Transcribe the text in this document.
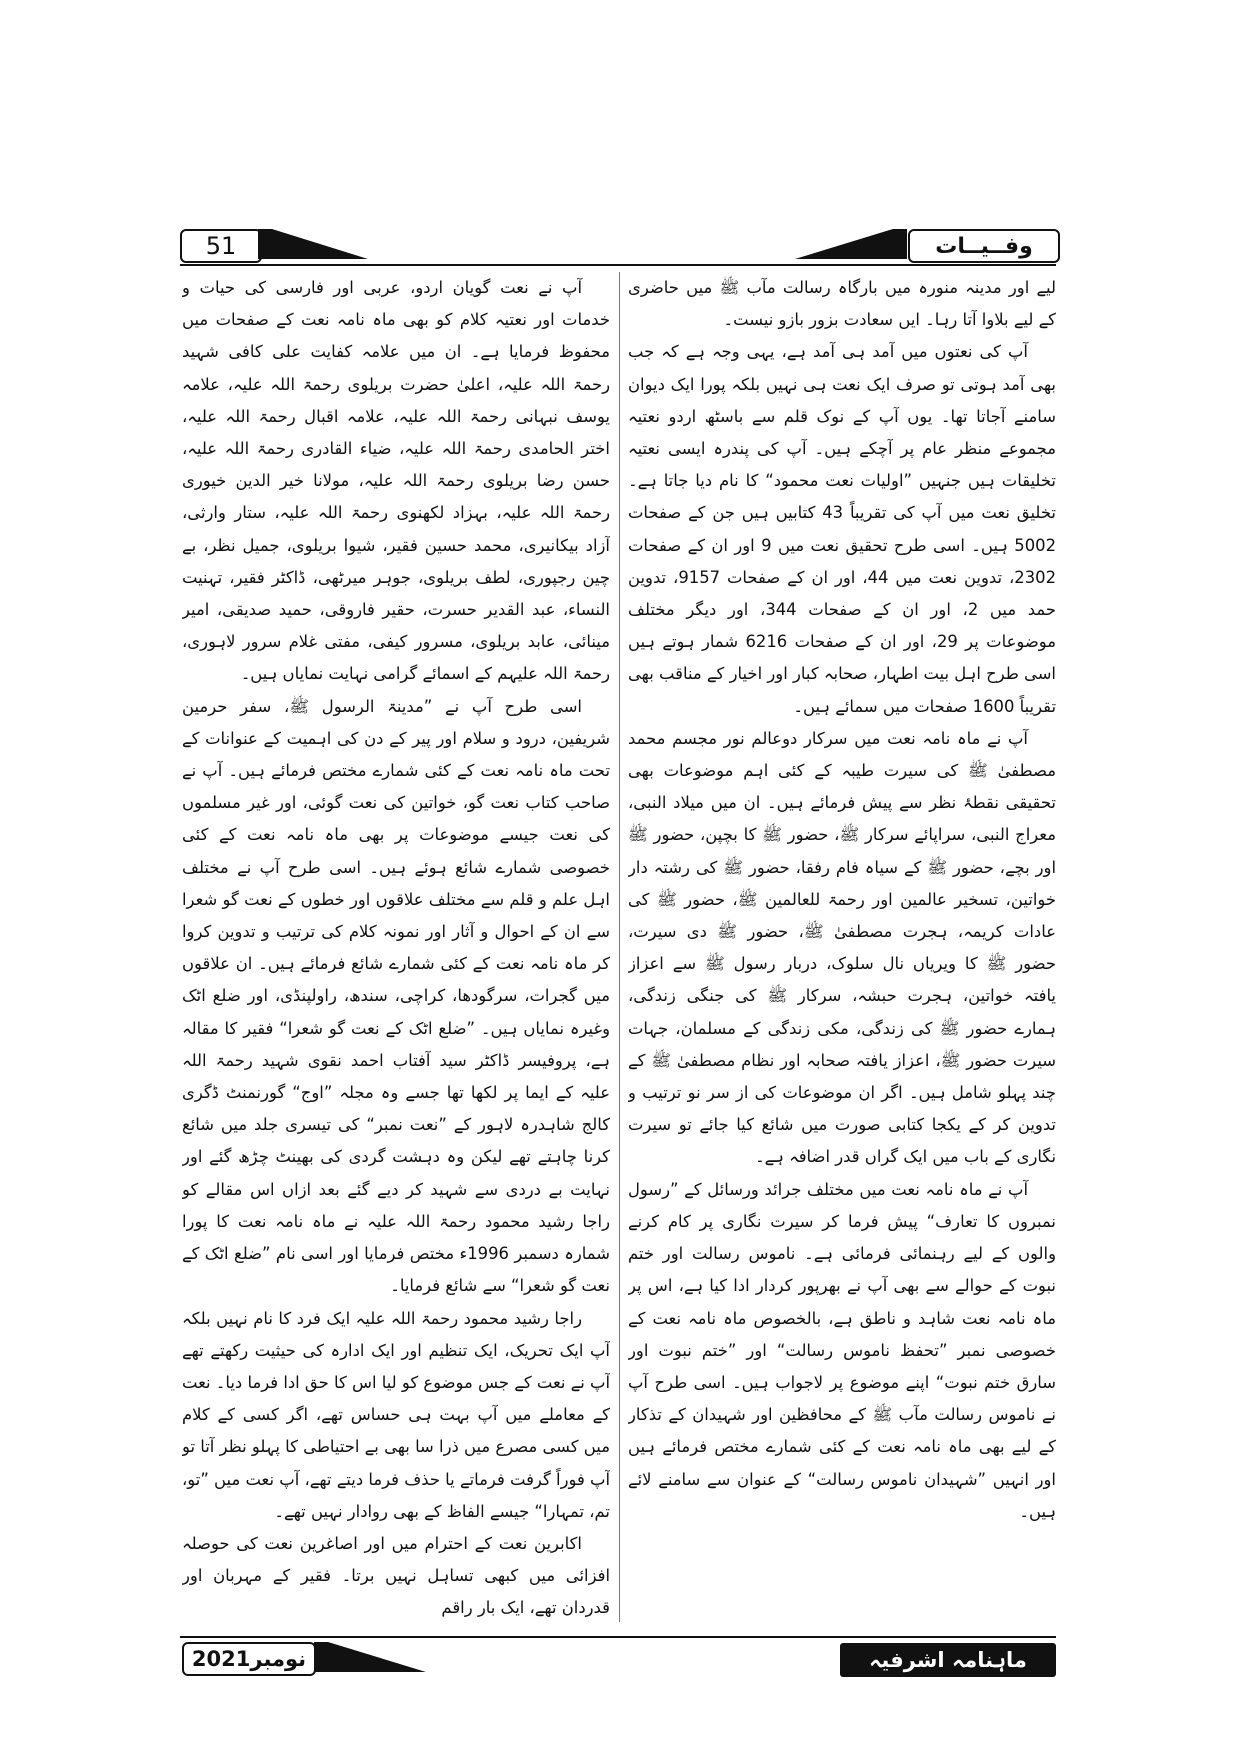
51	وفــیــات

لیے اور مدینہ منورہ میں بارگاہ رسالت مآب ﷺ میں حاضری کے لیے بلاوا آتا رہا۔ ایں سعادت بزور بازو نیست۔

آپ کی نعتوں میں آمد ہی آمد ہے، یہی وجہ ہے کہ جب بھی آمد ہوتی تو صرف ایک نعت ہی نہیں بلکہ پورا ایک دیوان سامنے آجاتا تھا۔ یوں آپ کے نوک قلم سے باسٹھ اردو نعتیہ مجموعے منظر عام پر آچکے ہیں۔ آپ کی پندرہ ایسی نعتیہ تخلیقات ہیں جنہیں ”اولیات نعت محمود“ کا نام دیا جاتا ہے۔ تخلیق نعت میں آپ کی تقریباً 43 کتابیں ہیں جن کے صفحات 5002 ہیں۔ اسی طرح تحقیق نعت میں 9 اور ان کے صفحات 2302، تدوین نعت میں 44، اور ان کے صفحات 9157، تدوین حمد میں 2، اور ان کے صفحات 344، اور دیگر مختلف موضوعات پر 29، اور ان کے صفحات 6216 شمار ہوتے ہیں اسی طرح اہل بیت اطہار، صحابہ کبار اور اخیار کے مناقب بھی تقریباً 1600 صفحات میں سمائے ہیں۔

آپ نے ماہ نامہ نعت میں سرکار دوعالم نور مجسم محمد مصطفیٰ ﷺ کی سیرت طیبہ کے کئی اہم موضوعات بھی تحقیقی نقطۂ نظر سے پیش فرمائے ہیں۔ ان میں میلاد النبی، معراج النبی، سراپائے سرکار ﷺ، حضور ﷺ کا بچپن، حضور ﷺ اور بچے، حضور ﷺ کے سیاہ فام رفقا، حضور ﷺ کی رشتہ دار خواتین، تسخیر عالمین اور رحمۃ للعالمین ﷺ، حضور ﷺ کی عادات کریمہ، ہجرت مصطفیٰ ﷺ، حضور ﷺ دی سیرت، حضور ﷺ کا ویریاں نال سلوک، دربار رسول ﷺ سے اعزاز یافتہ خواتین، ہجرت حبشہ، سرکار ﷺ کی جنگی زندگی، ہمارے حضور ﷺ کی زندگی، مکی زندگی کے مسلمان، جہات سیرت حضور ﷺ، اعزاز یافتہ صحابہ اور نظام مصطفیٰ ﷺ کے چند پہلو شامل ہیں۔ اگر ان موضوعات کی از سر نو ترتیب و تدوین کر کے یکجا کتابی صورت میں شائع کیا جائے تو سیرت نگاری کے باب میں ایک گراں قدر اضافہ ہے۔

آپ نے ماہ نامہ نعت میں مختلف جرائد ورسائل کے ”رسول نمبروں کا تعارف“ پیش فرما کر سیرت نگاری پر کام کرنے والوں کے لیے رہنمائی فرمائی ہے۔ ناموس رسالت اور ختم نبوت کے حوالے سے بھی آپ نے بھرپور کردار ادا کیا ہے، اس پر ماہ نامہ نعت شاہد و ناطق ہے، بالخصوص ماہ نامہ نعت کے خصوصی نمبر ”تحفظ ناموس رسالت“ اور ”ختم نبوت اور سارق ختم نبوت“ اپنے موضوع پر لاجواب ہیں۔ اسی طرح آپ نے ناموس رسالت مآب ﷺ کے محافظین اور شہیدان کے تذکار کے لیے بھی ماہ نامہ نعت کے کئی شمارے مختص فرمائے ہیں اور انہیں ”شہیدان ناموس رسالت“ کے عنوان سے سامنے لائے ہیں۔

آپ نے نعت گویان اردو، عربی اور فارسی کی حیات و خدمات اور نعتیہ کلام کو بھی ماہ نامہ نعت کے صفحات میں محفوظ فرمایا ہے۔ ان میں علامہ کفایت علی کافی شہید رحمۃ اللہ علیہ، اعلیٰ حضرت بریلوی رحمۃ اللہ علیہ، علامہ یوسف نبہانی رحمۃ اللہ علیہ، علامہ اقبال رحمۃ اللہ علیہ، اختر الحامدی رحمۃ اللہ علیہ، ضیاء القادری رحمۃ اللہ علیہ، حسن رضا بریلوی رحمۃ اللہ علیہ، مولانا خیر الدین خیوری رحمۃ اللہ علیہ، بہزاد لکھنوی رحمۃ اللہ علیہ، ستار وارثی، آزاد بیکانیری، محمد حسین فقیر، شیوا بریلوی، جمیل نظر، بے چین رجپوری، لطف بریلوی، جوہر میرٹھی، ڈاکٹر فقیر، تہنیت النساء، عبد القدیر حسرت، حقیر فاروقی، حمید صدیقی، امیر مینائی، عابد بریلوی، مسرور کیفی، مفتی غلام سرور لاہوری، رحمۃ اللہ علیہم کے اسمائے گرامی نہایت نمایاں ہیں۔

اسی طرح آپ نے ”مدینۃ الرسول ﷺ، سفر حرمین شریفین، درود و سلام اور پیر کے دن کی اہمیت کے عنوانات کے تحت ماہ نامہ نعت کے کئی شمارے مختص فرمائے ہیں۔ آپ نے صاحب کتاب نعت گو، خواتین کی نعت گوئی، اور غیر مسلموں کی نعت جیسے موضوعات پر بھی ماہ نامہ نعت کے کئی خصوصی شمارے شائع ہوئے ہیں۔ اسی طرح آپ نے مختلف اہل علم و قلم سے مختلف علاقوں اور خطوں کے نعت گو شعرا سے ان کے احوال و آثار اور نمونہ کلام کی ترتیب و تدوین کروا کر ماہ نامہ نعت کے کئی شمارے شائع فرمائے ہیں۔ ان علاقوں میں گجرات، سرگودھا، کراچی، سندھ، راولپنڈی، اور ضلع اٹک وغیرہ نمایاں ہیں۔ ”ضلع اٹک کے نعت گو شعرا“ فقیر کا مقالہ ہے، پروفیسر ڈاکٹر سید آفتاب احمد نقوی شہید رحمۃ اللہ علیہ کے ایما پر لکھا تھا جسے وہ مجلہ ”اوج“ گورنمنٹ ڈگری کالج شاہدرہ لاہور کے ”نعت نمبر“ کی تیسری جلد میں شائع کرنا چاہتے تھے لیکن وہ دہشت گردی کی بھینٹ چڑھ گئے اور نہایت بے دردی سے شہید کر دیے گئے بعد ازاں اس مقالے کو راجا رشید محمود رحمۃ اللہ علیہ نے ماہ نامہ نعت کا پورا شمارہ دسمبر 1996ء مختص فرمایا اور اسی نام ”ضلع اٹک کے نعت گو شعرا“ سے شائع فرمایا۔

راجا رشید محمود رحمۃ اللہ علیہ ایک فرد کا نام نہیں بلکہ آپ ایک تحریک، ایک تنظیم اور ایک ادارہ کی حیثیت رکھتے تھے آپ نے نعت کے جس موضوع کو لیا اس کا حق ادا فرما دیا۔ نعت کے معاملے میں آپ بہت ہی حساس تھے، اگر کسی کے کلام میں کسی مصرع میں ذرا سا بھی بے احتیاطی کا پہلو نظر آتا تو آپ فوراً گرفت فرماتے یا حذف فرما دیتے تھے، آپ نعت میں ”تو، تم، تمہارا“ جیسے الفاظ کے بھی روادار نہیں تھے۔

اکابرین نعت کے احترام میں اور اصاغرین نعت کی حوصلہ افزائی میں کبھی تساہل نہیں برتا۔ فقیر کے مہربان اور قدردان تھے، ایک بار راقم

نومبر2021	ماہنامہ اشرفیہ
